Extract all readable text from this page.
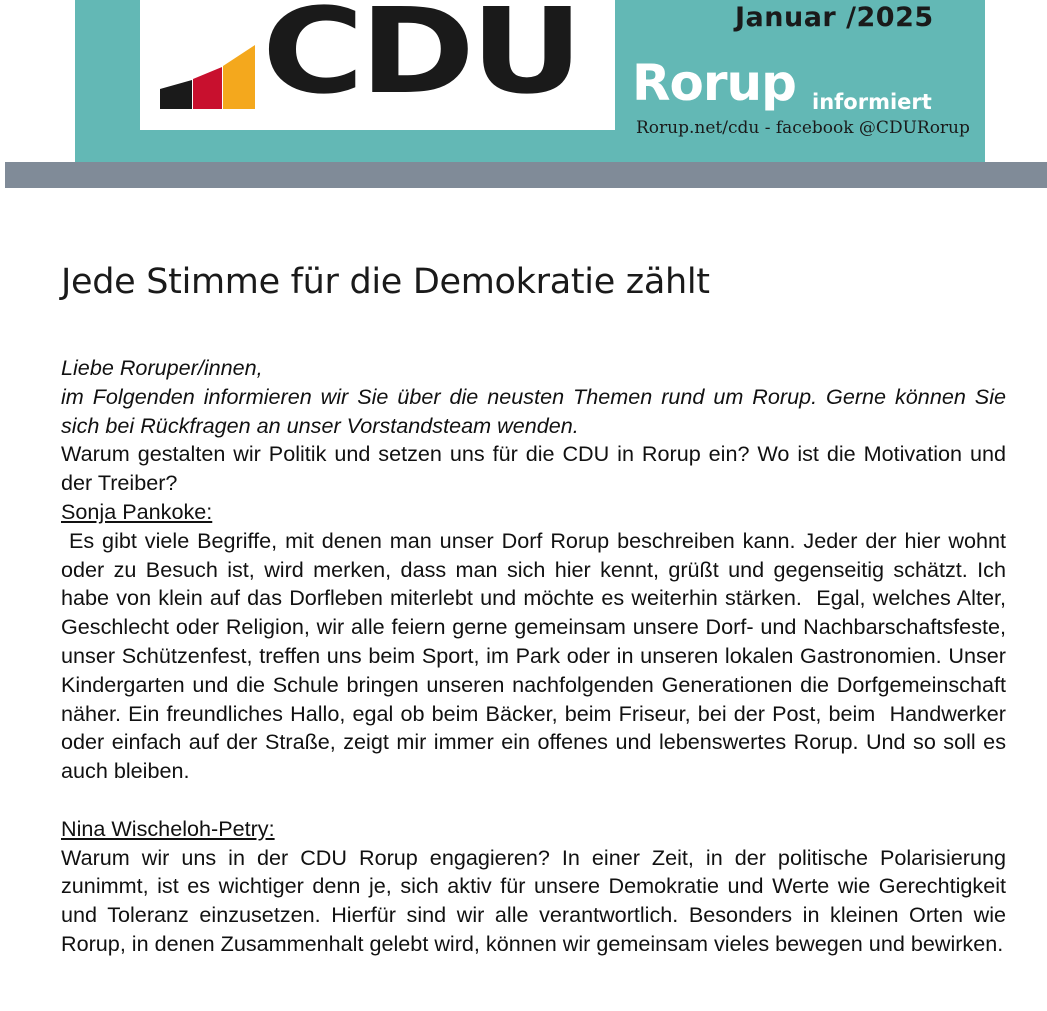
CDU	Januar /2025
Rorup informiert
Rorup.net/cdu - facebook @CDURorup
Jede Stimme für die Demokratie zählt

Liebe Roruper/innen,

im Folgenden informieren wir Sie über die neusten Themen rund um Rorup. Gerne können Sie sich bei Rückfragen an unser Vorstandsteam wenden.

Warum gestalten wir Politik und setzen uns für die CDU in Rorup ein? Wo ist die Motivation und der Treiber?

Sonja Pankoke:

Es gibt viele Begriffe, mit denen man unser Dorf Rorup beschreiben kann. Jeder der hier wohnt oder zu Besuch ist, wird merken, dass man sich hier kennt, grüßt und gegenseitig schätzt. Ich habe von klein auf das Dorfleben miterlebt und möchte es weiterhin stärken.  Egal, welches Alter, Geschlecht oder Religion, wir alle feiern gerne gemeinsam unsere Dorf- und Nachbarschaftsfeste, unser Schützenfest, treffen uns beim Sport, im Park oder in unseren lokalen Gastronomien. Unser Kindergarten und die Schule bringen unseren nachfolgenden Generationen die Dorfgemeinschaft näher. Ein freundliches Hallo, egal ob beim Bäcker, beim Friseur, bei der Post, beim  Handwerker oder einfach auf der Straße, zeigt mir immer ein offenes und lebenswertes Rorup. Und so soll es auch bleiben.

Nina Wischeloh-Petry:

Warum wir uns in der CDU Rorup engagieren? In einer Zeit, in der politische Polarisierung zunimmt, ist es wichtiger denn je, sich aktiv für unsere Demokratie und Werte wie Gerechtigkeit und Toleranz einzusetzen. Hierfür sind wir alle verantwortlich. Besonders in kleinen Orten wie Rorup, in denen Zusammenhalt gelebt wird, können wir gemeinsam vieles bewegen und bewirken.
